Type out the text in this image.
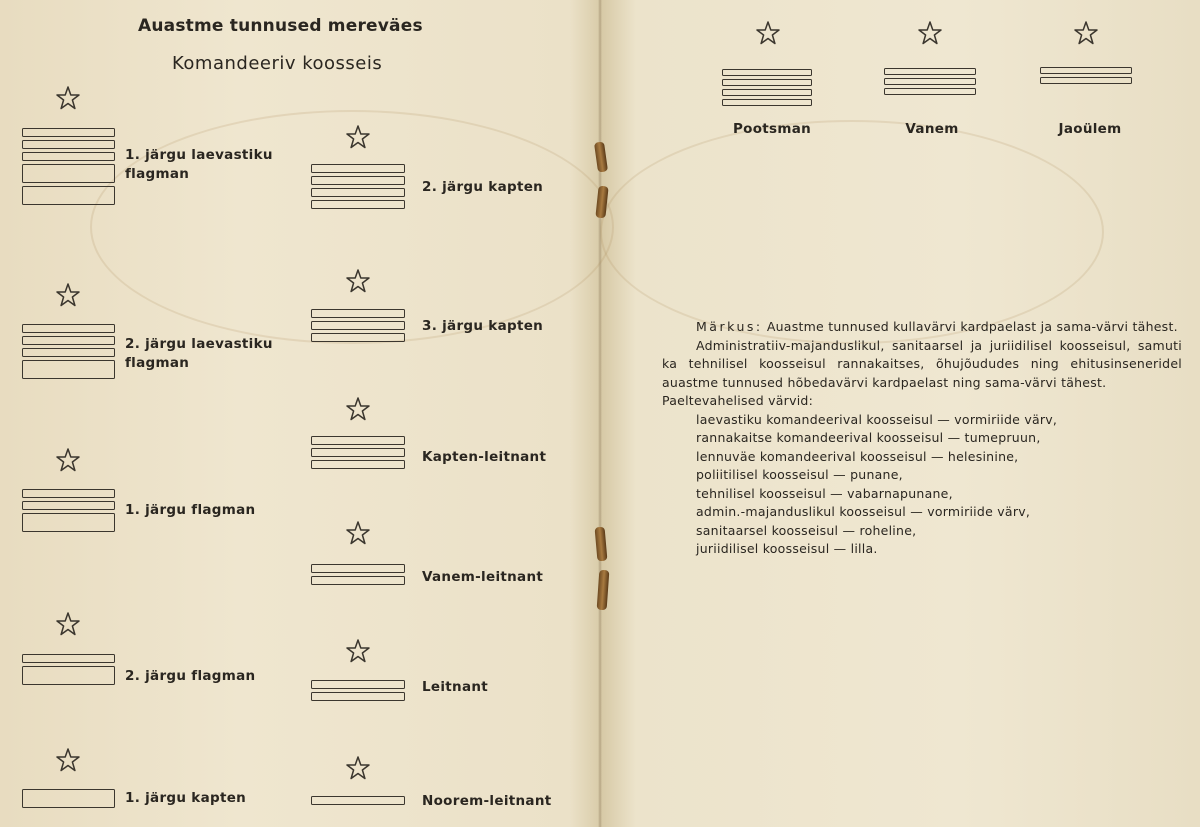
Auastme tunnused mereväes
Komandeeriv koosseis
1. järgu laevastiku
flagman
2. järgu laevastiku
flagman
1. järgu flagman
2. järgu flagman
1. järgu kapten
2. järgu kapten
3. järgu kapten
Kapten-leitnant
Vanem-leitnant
Leitnant
Noorem-leitnant
Pootsman	Vanem	Jaoülem

Märkus: Auastme tunnused kullavärvi kardpaelast ja sama-värvi tähest.

Administratiiv-majanduslikul, sanitaarsel ja juriidilisel koosseisul, samuti ka tehnilisel koosseisul rannakaitses, õhujõududes ning ehitusinseneridel auastme tunnused hõbedavärvi kardpaelast ning sama-värvi tähest.

Paeltevahelised värvid:

laevastiku komandeerival koosseisul — vormiriide värv,
rannakaitse komandeerival koosseisul — tumepruun,
lennuväe komandeerival koosseisul — helesinine,
poliitilisel koosseisul — punane,
tehnilisel koosseisul — vabarnapunane,
admin.-majanduslikul koosseisul — vormiriide värv,
sanitaarsel koosseisul — roheline,
juriidilisel koosseisul — lilla.
